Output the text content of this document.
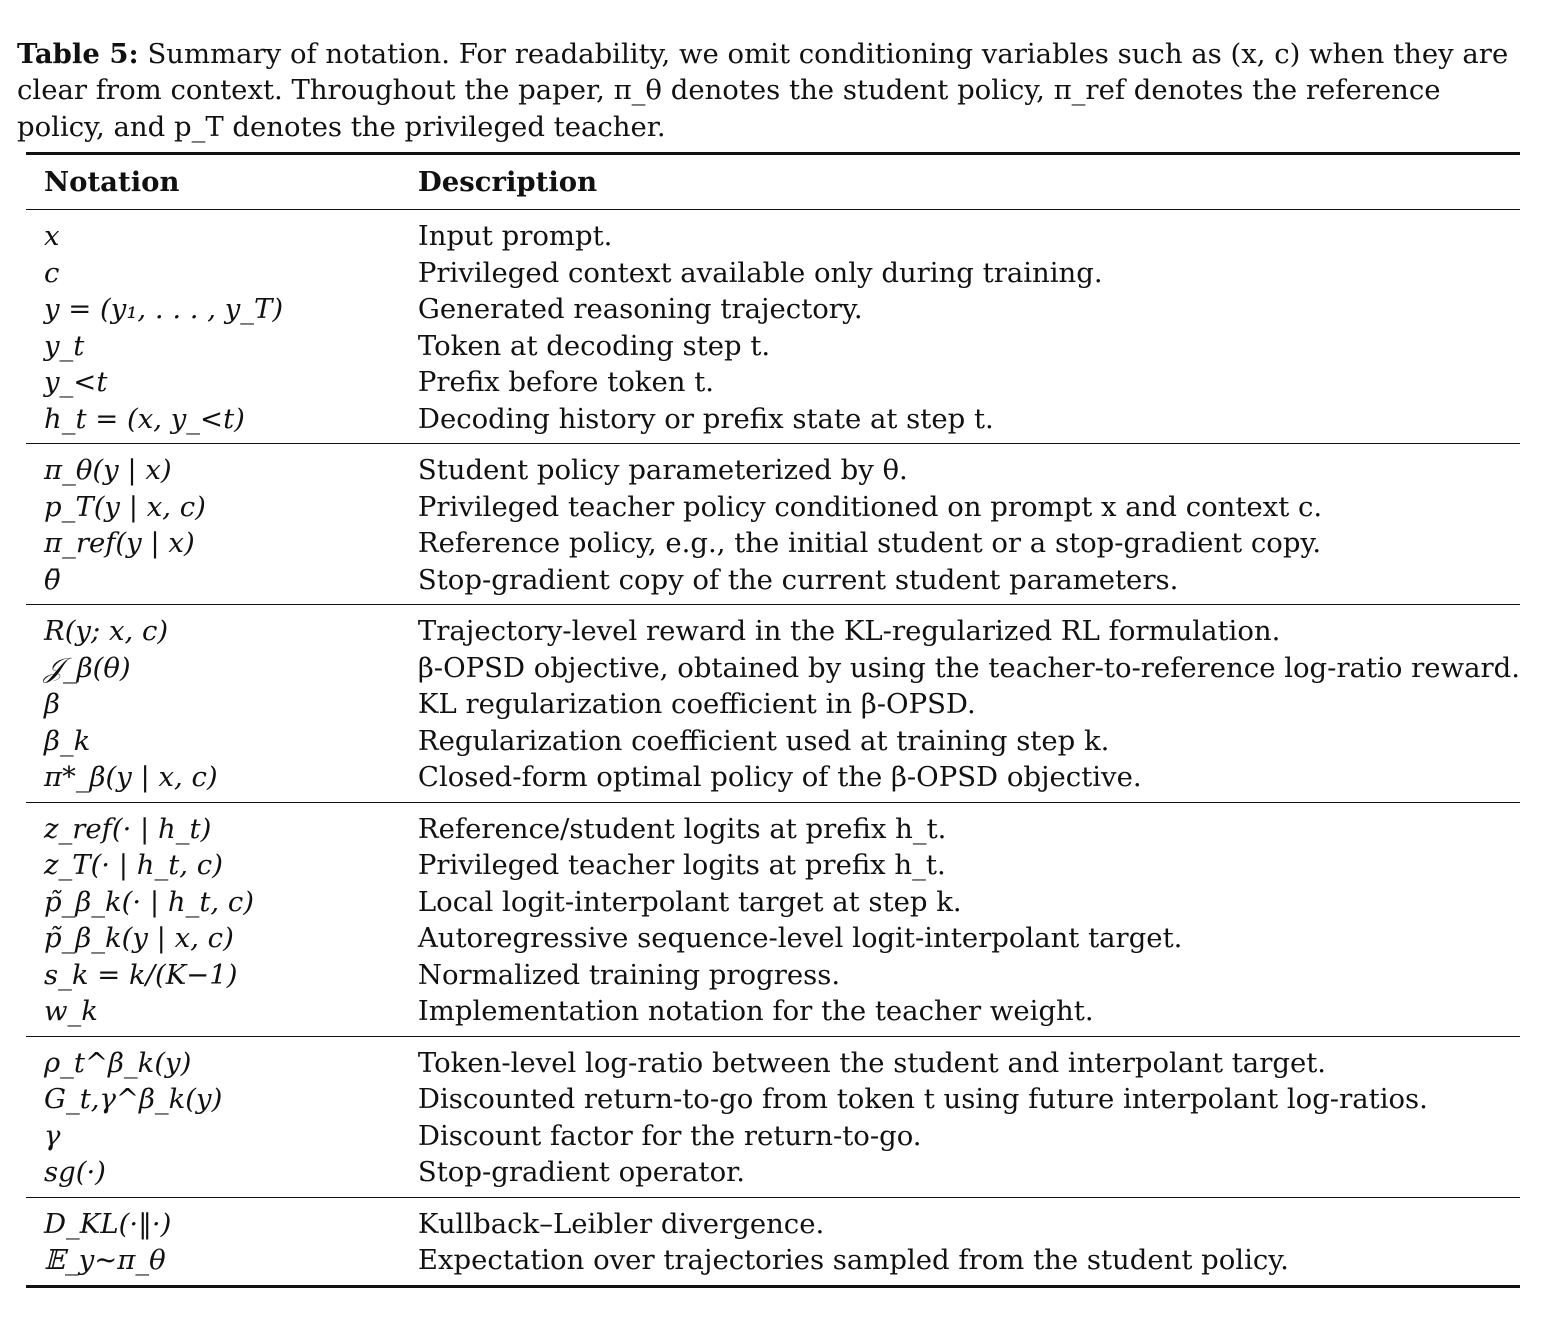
Table 5: Summary of notation. For readability, we omit conditioning variables such as (x, c) when they are clear from context. Throughout the paper, π_θ denotes the student policy, π_ref denotes the reference policy, and p_T denotes the privileged teacher.

Notation	Description
x	Input prompt.
c	Privileged context available only during training.
y = (y₁, . . . , y_T)	Generated reasoning trajectory.
y_t	Token at decoding step t.
y_<t	Prefix before token t.
h_t = (x, y_<t)	Decoding history or prefix state at step t.
π_θ(y | x)	Student policy parameterized by θ.
p_T(y | x, c)	Privileged teacher policy conditioned on prompt x and context c.
π_ref(y | x)	Reference policy, e.g., the initial student or a stop-gradient copy.
θ̄	Stop-gradient copy of the current student parameters.
R(y; x, c)	Trajectory-level reward in the KL-regularized RL formulation.
𝒥_β(θ)	β-OPSD objective, obtained by using the teacher-to-reference log-ratio reward.
β	KL regularization coefficient in β-OPSD.
β_k	Regularization coefficient used at training step k.
π*_β(y | x, c)	Closed-form optimal policy of the β-OPSD objective.
z_ref(· | h_t)	Reference/student logits at prefix h_t.
z_T(· | h_t, c)	Privileged teacher logits at prefix h_t.
p̃_β_k(· | h_t, c)	Local logit-interpolant target at step k.
p̃_β_k(y | x, c)	Autoregressive sequence-level logit-interpolant target.
s_k = k/(K−1)	Normalized training progress.
w_k	Implementation notation for the teacher weight.
ρ_t^β_k(y)	Token-level log-ratio between the student and interpolant target.
G_t,γ^β_k(y)	Discounted return-to-go from token t using future interpolant log-ratios.
γ	Discount factor for the return-to-go.
sg(·)	Stop-gradient operator.
D_KL(·‖·)	Kullback–Leibler divergence.
𝔼_y∼π_θ	Expectation over trajectories sampled from the student policy.
